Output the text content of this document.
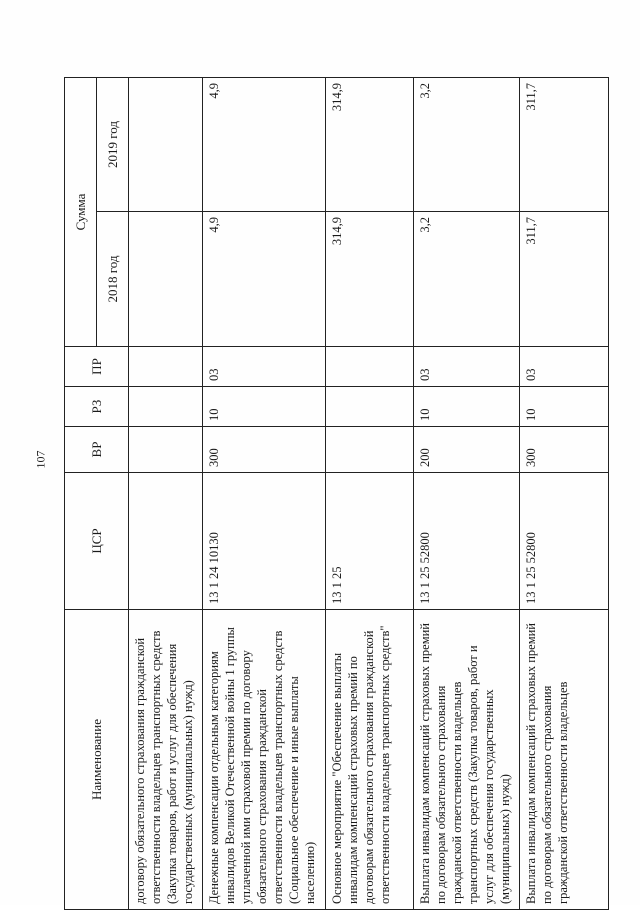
107
Наименование	ЦСР	ВР	РЗ	ПР	Сумма	
					2018 год	2019 год
договору обязательного страхования гражданской ответственности владельцев транспортных средств (Закупка товаров, работ и услуг для обеспечения государственных (муниципальных) нужд)						
Денежные компенсации отдельным категориям инвалидов Великой Отечественной войны 1 группы уплаченной ими страховой премии по договору обязательного страхования гражданской ответственности владельцев транспортных средств (Социальное обеспечение и иные выплаты населению)	13 1 24 10130	300	10	03	4,9	4,9
Основное мероприятие "Обеспечение выплаты инвалидам компенсаций страховых премий по договорам обязательного страхования гражданской ответственности владельцев транспортных средств"	13 1 25				314,9	314,9
Выплата инвалидам компенсаций страховых премий по договорам обязательного страхования гражданской ответственности владельцев транспортных средств (Закупка товаров, работ и услуг для обеспечения государственных (муниципальных) нужд)	13 1 25 52800	200	10	03	3,2	3,2
Выплата инвалидам компенсаций страховых премий по договорам обязательного страхования гражданской ответственности владельцев	13 1 25 52800	300	10	03	311,7	311,7
